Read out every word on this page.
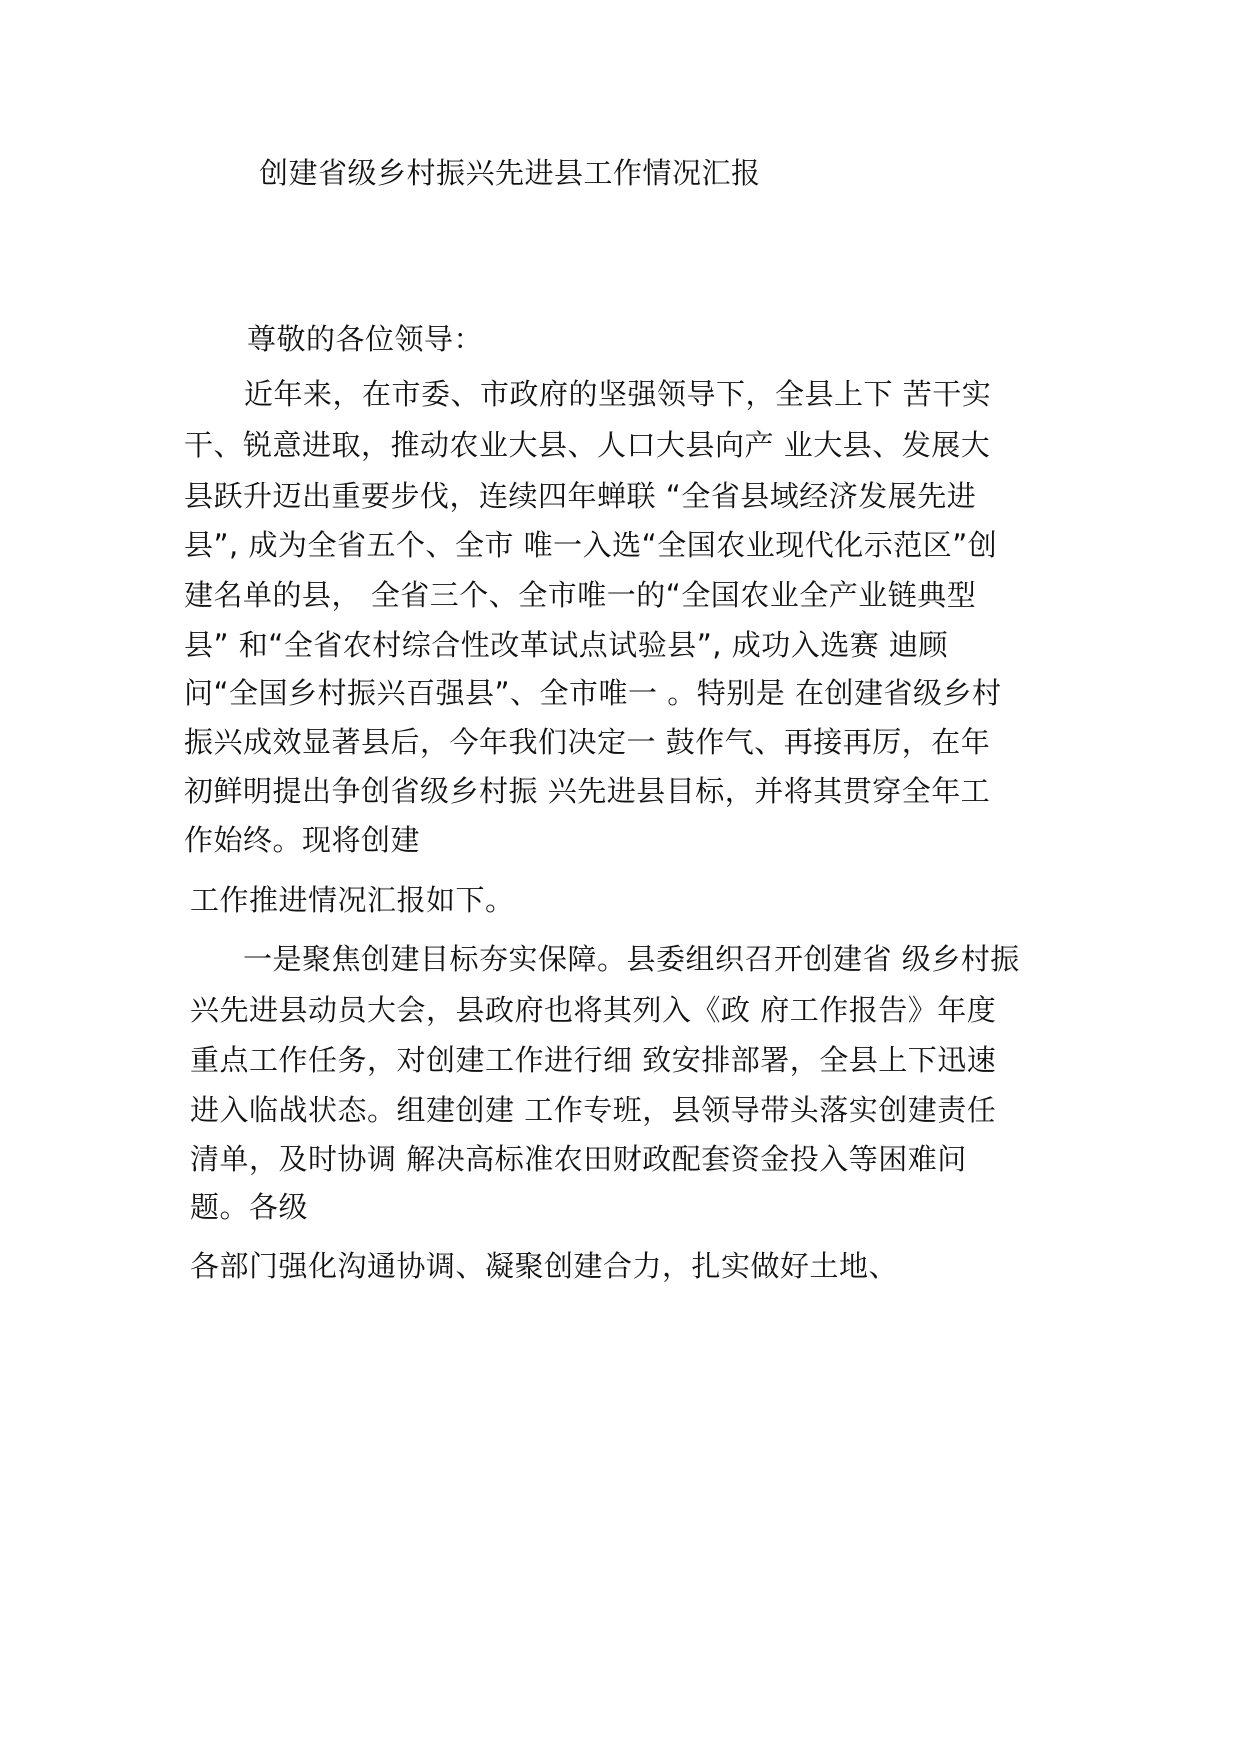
创建省级乡村振兴先进县工作情况汇报
尊敬的各位领导：
近年来，在市委、市政府的坚强领导下，全县上下 苦干实
干、锐意进取，推动农业大县、人口大县向产 业大县、发展大
县跃升迈出重要步伐，连续四年蝉联 “全省县域经济发展先进
县”, 成为全省五个、全市 唯一入选“全国农业现代化示范区”创
建名单的县， 全省三个、全市唯一的“全国农业全产业链典型
县” 和“全省农村综合性改革试点试验县”, 成功入选赛 迪顾
问“全国乡村振兴百强县”、全市唯一 。特别是 在创建省级乡村
振兴成效显著县后，今年我们决定一 鼓作气、再接再厉，在年
初鲜明提出争创省级乡村振 兴先进县目标，并将其贯穿全年工
作始终。现将创建
工作推进情况汇报如下。
一是聚焦创建目标夯实保障。县委组织召开创建省 级乡村振
兴先进县动员大会，县政府也将其列入《政 府工作报告》年度
重点工作任务，对创建工作进行细 致安排部署，全县上下迅速
进入临战状态。组建创建 工作专班，县领导带头落实创建责任
清单，及时协调 解决高标准农田财政配套资金投入等困难问
题。各级
各部门强化沟通协调、凝聚创建合力，扎实做好土地、
